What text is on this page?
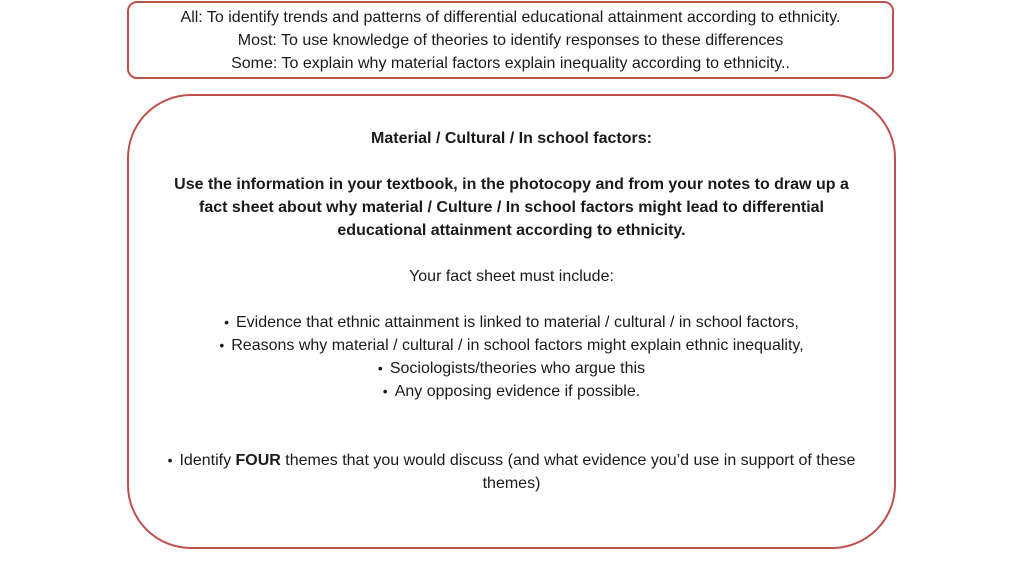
All: To identify trends and patterns of differential educational attainment according to ethnicity.
Most: To use knowledge of theories to identify responses to these differences
Some: To explain why material factors explain inequality according to ethnicity..
Material / Cultural / In school factors:
Use the information in your textbook, in the photocopy and from your notes to draw up a fact sheet about why material / Culture / In school factors might lead to differential educational attainment according to ethnicity.
Your fact sheet must include:
• Evidence that ethnic attainment is linked to material / cultural / in school factors,
• Reasons why material / cultural / in school factors might explain ethnic inequality,
• Sociologists/theories who argue this
• Any opposing evidence if possible.
• Identify FOUR themes that you would discuss (and what evidence you’d use in support of these themes)
